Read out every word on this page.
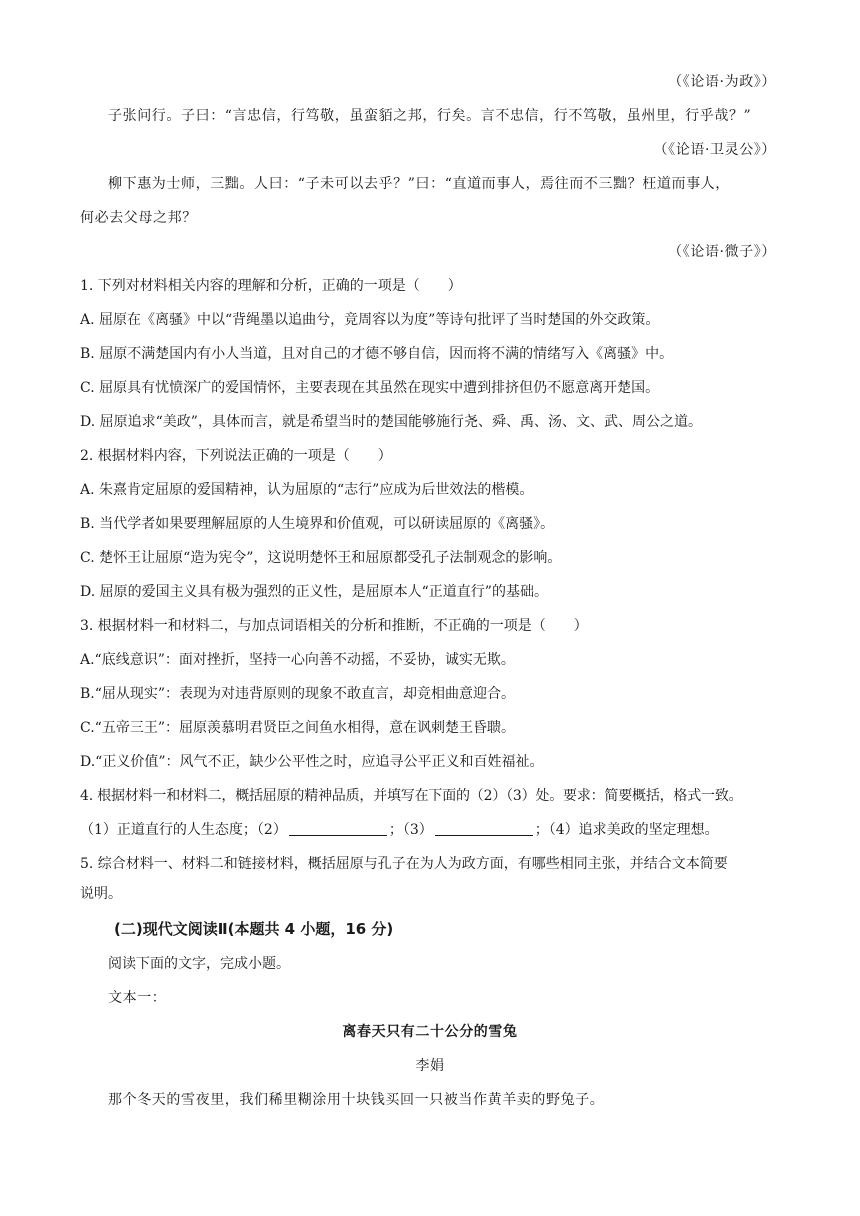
（《论语·为政》）
子张问行。子曰：“言忠信，行笃敬，虽蛮貊之邦，行矣。言不忠信，行不笃敬，虽州里，行乎哉？”
（《论语·卫灵公》）
柳下惠为士师，三黜。人曰：“子未可以去乎？”曰：“直道而事人，焉往而不三黜？枉道而事人，
何必去父母之邦？
（《论语·微子》）
1. 下列对材料相关内容的理解和分析，正确的一项是（　　）
A. 屈原在《离骚》中以“背绳墨以追曲兮，竞周容以为度”等诗句批评了当时楚国的外交政策。
B. 屈原不满楚国内有小人当道，且对自己的才德不够自信，因而将不满的情绪写入《离骚》中。
C. 屈原具有忧愤深广的爱国情怀，主要表现在其虽然在现实中遭到排挤但仍不愿意离开楚国。
D. 屈原追求“美政”，具体而言，就是希望当时的楚国能够施行尧、舜、禹、汤、文、武、周公之道。
2. 根据材料内容，下列说法正确的一项是（　　）
A. 朱熹肯定屈原的爱国精神，认为屈原的“志行”应成为后世效法的楷模。
B. 当代学者如果要理解屈原的人生境界和价值观，可以研读屈原的《离骚》。
C. 楚怀王让屈原“造为宪令”，这说明楚怀王和屈原都受孔子法制观念的影响。
D. 屈原的爱国主义具有极为强烈的正义性，是屈原本人“正道直行”的基础。
3. 根据材料一和材料二，与加点词语相关的分析和推断，不正确的一项是（　　）
A.“底线意识”：面对挫折，坚持一心向善不动摇，不妥协，诚实无欺。
B.“屈从现实”：表现为对违背原则的现象不敢直言，却竞相曲意迎合。
C.“五帝三王”：屈原羡慕明君贤臣之间鱼水相得，意在讽刺楚王昏聩。
D.“正义价值”：风气不正，缺少公平性之时，应追寻公平正义和百姓福祉。
4. 根据材料一和材料二，概括屈原的精神品质，并填写在下面的（2）（3）处。要求：简要概括，格式一致。
（1）正道直行的人生态度；（2）	；（3）	；（4）追求美政的坚定理想。
5. 综合材料一、材料二和链接材料，概括屈原与孔子在为人为政方面，有哪些相同主张，并结合文本简要
说明。
(二)现代文阅读Ⅱ(本题共 4 小题，16 分)
阅读下面的文字，完成小题。
文本一：
离春天只有二十公分的雪兔
李娟
那个冬天的雪夜里，我们稀里糊涂用十块钱买回一只被当作黄羊卖的野兔子。
